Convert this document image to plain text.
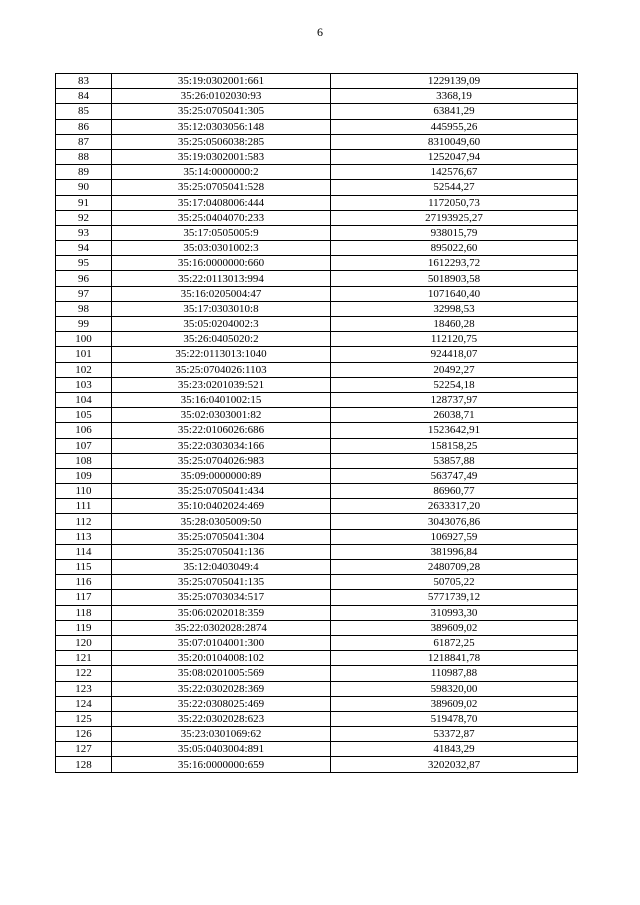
6
83	35:19:0302001:661	1229139,09
84	35:26:0102030:93	3368,19
85	35:25:0705041:305	63841,29
86	35:12:0303056:148	445955,26
87	35:25:0506038:285	8310049,60
88	35:19:0302001:583	1252047,94
89	35:14:0000000:2	142576,67
90	35:25:0705041:528	52544,27
91	35:17:0408006:444	1172050,73
92	35:25:0404070:233	27193925,27
93	35:17:0505005:9	938015,79
94	35:03:0301002:3	895022,60
95	35:16:0000000:660	1612293,72
96	35:22:0113013:994	5018903,58
97	35:16:0205004:47	1071640,40
98	35:17:0303010:8	32998,53
99	35:05:0204002:3	18460,28
100	35:26:0405020:2	112120,75
101	35:22:0113013:1040	924418,07
102	35:25:0704026:1103	20492,27
103	35:23:0201039:521	52254,18
104	35:16:0401002:15	128737,97
105	35:02:0303001:82	26038,71
106	35:22:0106026:686	1523642,91
107	35:22:0303034:166	158158,25
108	35:25:0704026:983	53857,88
109	35:09:0000000:89	563747,49
110	35:25:0705041:434	86960,77
111	35:10:0402024:469	2633317,20
112	35:28:0305009:50	3043076,86
113	35:25:0705041:304	106927,59
114	35:25:0705041:136	381996,84
115	35:12:0403049:4	2480709,28
116	35:25:0705041:135	50705,22
117	35:25:0703034:517	5771739,12
118	35:06:0202018:359	310993,30
119	35:22:0302028:2874	389609,02
120	35:07:0104001:300	61872,25
121	35:20:0104008:102	1218841,78
122	35:08:0201005:569	110987,88
123	35:22:0302028:369	598320,00
124	35:22:0308025:469	389609,02
125	35:22:0302028:623	519478,70
126	35:23:0301069:62	53372,87
127	35:05:0403004:891	41843,29
128	35:16:0000000:659	3202032,87
